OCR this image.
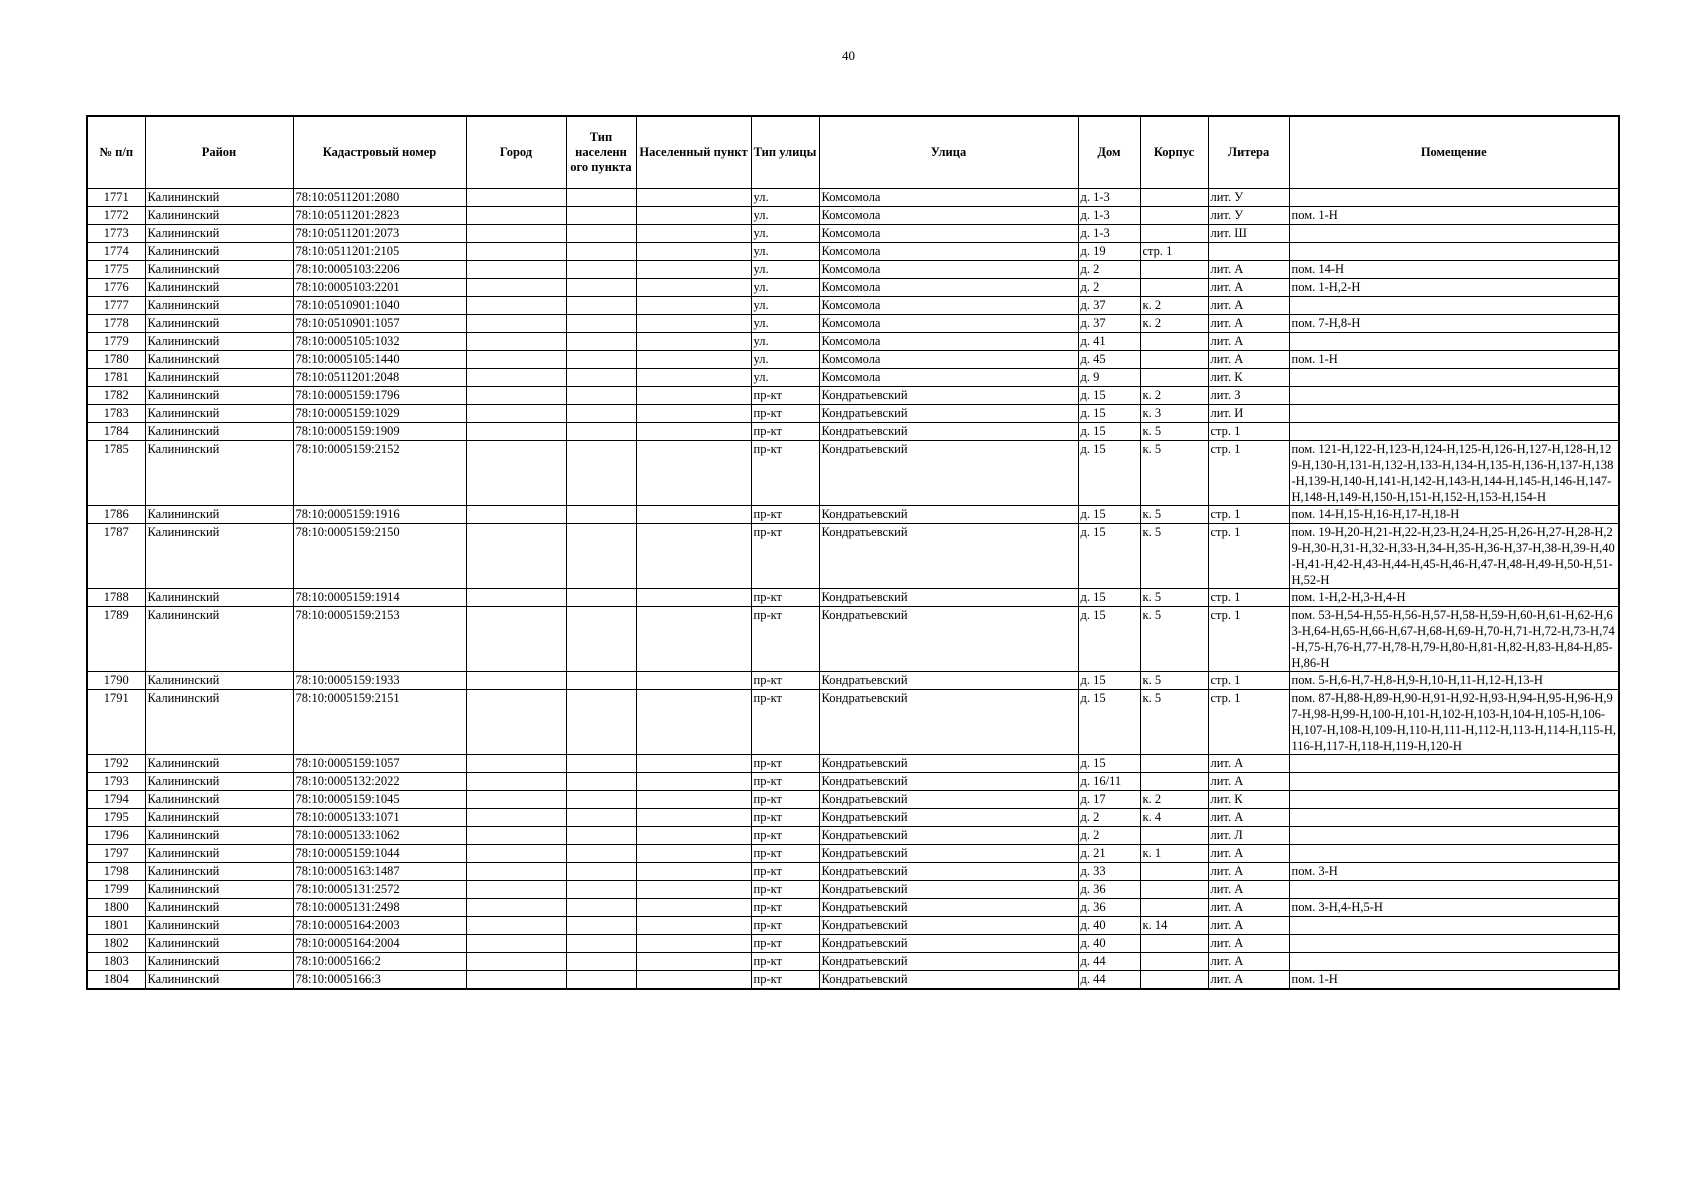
40
№ п/п	Район	Кадастровый номер	Город	Тип населенн ого пункта	Населенный пункт	Тип улицы	Улица	Дом	Корпус	Литера	Помещение
1771	Калининский	78:10:0511201:2080				ул.	Комсомола	д. 1-3		лит. У	
1772	Калининский	78:10:0511201:2823				ул.	Комсомола	д. 1-3		лит. У	пом. 1-Н
1773	Калининский	78:10:0511201:2073				ул.	Комсомола	д. 1-3		лит. Ш	
1774	Калининский	78:10:0511201:2105				ул.	Комсомола	д. 19	стр. 1		
1775	Калининский	78:10:0005103:2206				ул.	Комсомола	д. 2		лит. А	пом. 14-Н
1776	Калининский	78:10:0005103:2201				ул.	Комсомола	д. 2		лит. А	пом. 1-Н,2-Н
1777	Калининский	78:10:0510901:1040				ул.	Комсомола	д. 37	к. 2	лит. А	
1778	Калининский	78:10:0510901:1057				ул.	Комсомола	д. 37	к. 2	лит. А	пом. 7-Н,8-Н
1779	Калининский	78:10:0005105:1032				ул.	Комсомола	д. 41		лит. А	
1780	Калининский	78:10:0005105:1440				ул.	Комсомола	д. 45		лит. А	пом. 1-Н
1781	Калининский	78:10:0511201:2048				ул.	Комсомола	д. 9		лит. К	
1782	Калининский	78:10:0005159:1796				пр-кт	Кондратьевский	д. 15	к. 2	лит. З	
1783	Калининский	78:10:0005159:1029				пр-кт	Кондратьевский	д. 15	к. 3	лит. И	
1784	Калининский	78:10:0005159:1909				пр-кт	Кондратьевский	д. 15	к. 5	стр. 1	
1785	Калининский	78:10:0005159:2152				пр-кт	Кондратьевский	д. 15	к. 5	стр. 1	пом. 121-Н,122-Н,123-Н,124-Н,125-Н,126-Н,127-Н,128-Н,129-Н,130-Н,131-Н,132-Н,133-Н,134-Н,135-Н,136-Н,137-Н,138-Н,139-Н,140-Н,141-Н,142-Н,143-Н,144-Н,145-Н,146-Н,147-Н,148-Н,149-Н,150-Н,151-Н,152-Н,153-Н,154-Н
1786	Калининский	78:10:0005159:1916				пр-кт	Кондратьевский	д. 15	к. 5	стр. 1	пом. 14-Н,15-Н,16-Н,17-Н,18-Н
1787	Калининский	78:10:0005159:2150				пр-кт	Кондратьевский	д. 15	к. 5	стр. 1	пом. 19-Н,20-Н,21-Н,22-Н,23-Н,24-Н,25-Н,26-Н,27-Н,28-Н,29-Н,30-Н,31-Н,32-Н,33-Н,34-Н,35-Н,36-Н,37-Н,38-Н,39-Н,40-Н,41-Н,42-Н,43-Н,44-Н,45-Н,46-Н,47-Н,48-Н,49-Н,50-Н,51-Н,52-Н
1788	Калининский	78:10:0005159:1914				пр-кт	Кондратьевский	д. 15	к. 5	стр. 1	пом. 1-Н,2-Н,3-Н,4-Н
1789	Калининский	78:10:0005159:2153				пр-кт	Кондратьевский	д. 15	к. 5	стр. 1	пом. 53-Н,54-Н,55-Н,56-Н,57-Н,58-Н,59-Н,60-Н,61-Н,62-Н,63-Н,64-Н,65-Н,66-Н,67-Н,68-Н,69-Н,70-Н,71-Н,72-Н,73-Н,74-Н,75-Н,76-Н,77-Н,78-Н,79-Н,80-Н,81-Н,82-Н,83-Н,84-Н,85-Н,86-Н
1790	Калининский	78:10:0005159:1933				пр-кт	Кондратьевский	д. 15	к. 5	стр. 1	пом. 5-Н,6-Н,7-Н,8-Н,9-Н,10-Н,11-Н,12-Н,13-Н
1791	Калининский	78:10:0005159:2151				пр-кт	Кондратьевский	д. 15	к. 5	стр. 1	пом. 87-Н,88-Н,89-Н,90-Н,91-Н,92-Н,93-Н,94-Н,95-Н,96-Н,97-Н,98-Н,99-Н,100-Н,101-Н,102-Н,103-Н,104-Н,105-Н,106-Н,107-Н,108-Н,109-Н,110-Н,111-Н,112-Н,113-Н,114-Н,115-Н,116-Н,117-Н,118-Н,119-Н,120-Н
1792	Калининский	78:10:0005159:1057				пр-кт	Кондратьевский	д. 15		лит. А	
1793	Калининский	78:10:0005132:2022				пр-кт	Кондратьевский	д. 16/11		лит. А	
1794	Калининский	78:10:0005159:1045				пр-кт	Кондратьевский	д. 17	к. 2	лит. К	
1795	Калининский	78:10:0005133:1071				пр-кт	Кондратьевский	д. 2	к. 4	лит. А	
1796	Калининский	78:10:0005133:1062				пр-кт	Кондратьевский	д. 2		лит. Л	
1797	Калининский	78:10:0005159:1044				пр-кт	Кондратьевский	д. 21	к. 1	лит. А	
1798	Калининский	78:10:0005163:1487				пр-кт	Кондратьевский	д. 33		лит. А	пом. 3-Н
1799	Калининский	78:10:0005131:2572				пр-кт	Кондратьевский	д. 36		лит. А	
1800	Калининский	78:10:0005131:2498				пр-кт	Кондратьевский	д. 36		лит. А	пом. 3-Н,4-Н,5-Н
1801	Калининский	78:10:0005164:2003				пр-кт	Кондратьевский	д. 40	к. 14	лит. А	
1802	Калининский	78:10:0005164:2004				пр-кт	Кондратьевский	д. 40		лит. А	
1803	Калининский	78:10:0005166:2				пр-кт	Кондратьевский	д. 44		лит. А	
1804	Калининский	78:10:0005166:3				пр-кт	Кондратьевский	д. 44		лит. А	пом. 1-Н
